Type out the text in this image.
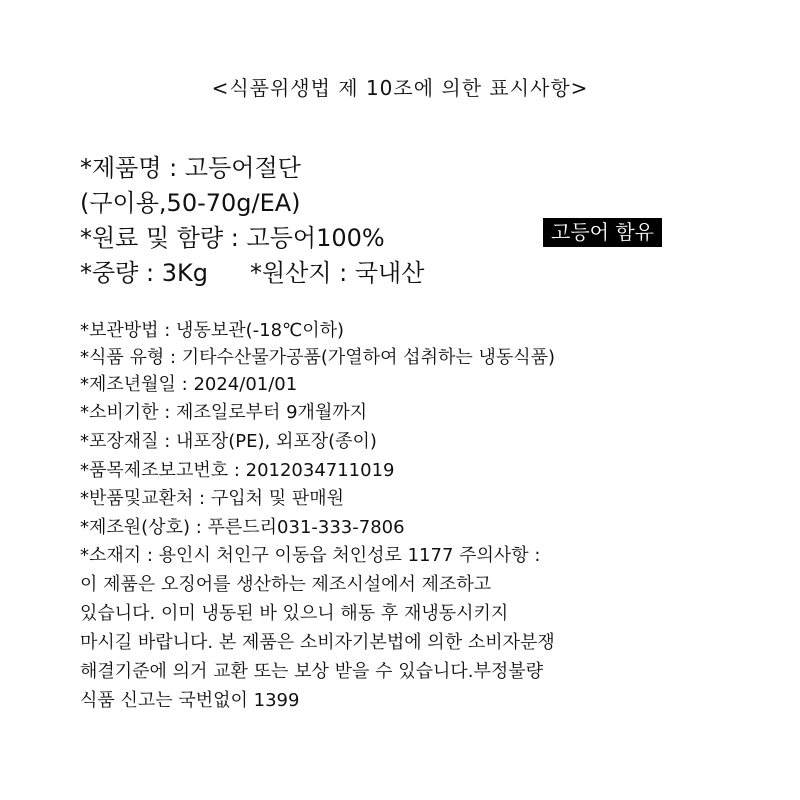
<식품위생법 제 10조에 의한 표시사항>
*제품명 : 고등어절단
(구이용,50-70g/EA)
*원료 및 함량 : 고등어100%	고등어 함유
*중량 : 3Kg *원산지 : 국내산
*보관방법 : 냉동보관(-18℃이하)
*식품 유형 : 기타수산물가공품(가열하여 섭취하는 냉동식품)
*제조년월일 : 2024/01/01
*소비기한 : 제조일로부터 9개월까지
*포장재질 : 내포장(PE), 외포장(종이)
*품목제조보고번호 : 2012034711019
*반품및교환처 : 구입처 및 판매원
*제조원(상호) : 푸른드리031-333-7806
*소재지 : 용인시 처인구 이동읍 처인성로 1177 주의사항 :
이 제품은 오징어를 생산하는 제조시설에서 제조하고
있습니다. 이미 냉동된 바 있으니 해동 후 재냉동시키지
마시길 바랍니다. 본 제품은 소비자기본법에 의한 소비자분쟁
해결기준에 의거 교환 또는 보상 받을 수 있습니다.부정불량
식품 신고는 국번없이 1399
